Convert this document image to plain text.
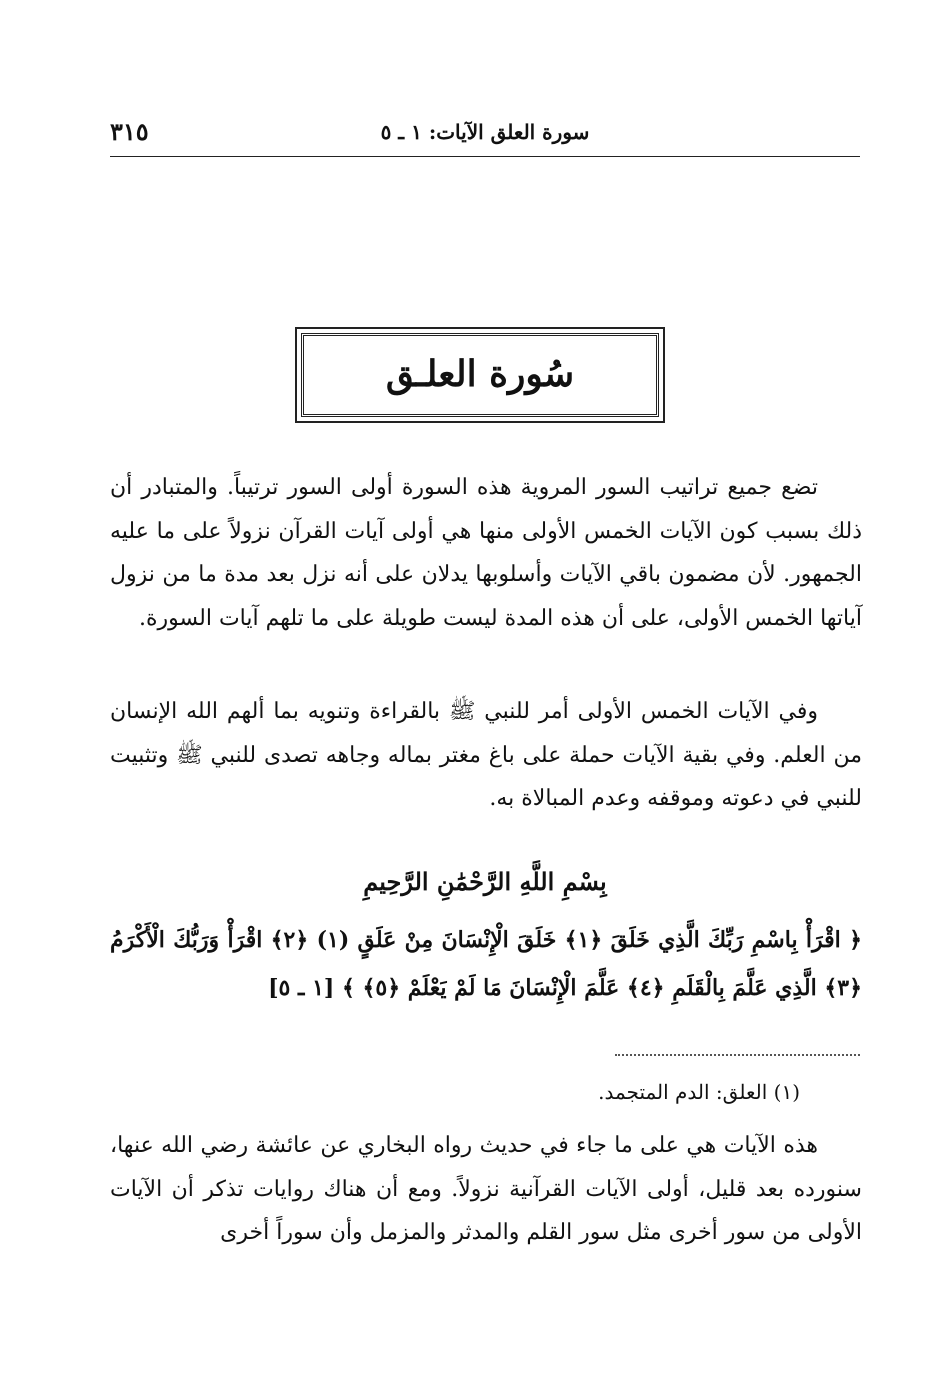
سورة العلق الآيات: ١ ـ ٥
٣١٥
سُورة العلـق

تضع جميع تراتيب السور المروية هذه السورة أولى السور ترتيباً. والمتبادر أن ذلك بسبب كون الآيات الخمس الأولى منها هي أولى آيات القرآن نزولاً على ما عليه الجمهور. لأن مضمون باقي الآيات وأسلوبها يدلان على أنه نزل بعد مدة ما من نزول آياتها الخمس الأولى، على أن هذه المدة ليست طويلة على ما تلهم آيات السورة.

وفي الآيات الخمس الأولى أمر للنبي ﷺ بالقراءة وتنويه بما ألهم الله الإنسان من العلم. وفي بقية الآيات حملة على باغ مغتر بماله وجاهه تصدى للنبي ﷺ وتثبيت للنبي في دعوته وموقفه وعدم المبالاة به.

بِسْمِ اللَّهِ الرَّحْمَٰنِ الرَّحِيمِ
﴿ اقْرَأْ بِاسْمِ رَبِّكَ الَّذِي خَلَقَ ﴿١﴾ خَلَقَ الْإِنْسَانَ مِنْ عَلَقٍ (١) ﴿٢﴾ اقْرَأْ وَرَبُّكَ الْأَكْرَمُ ﴿٣﴾ الَّذِي عَلَّمَ بِالْقَلَمِ ﴿٤﴾ عَلَّمَ الْإِنْسَانَ مَا لَمْ يَعْلَمْ ﴿٥﴾ ﴾ [١ ـ ٥]
(١) العلق: الدم المتجمد.

هذه الآيات هي على ما جاء في حديث رواه البخاري عن عائشة رضي الله عنها، سنورده بعد قليل، أولى الآيات القرآنية نزولاً. ومع أن هناك روايات تذكر أن الآيات الأولى من سور أخرى مثل سور القلم والمدثر والمزمل وأن سوراً أخرى
